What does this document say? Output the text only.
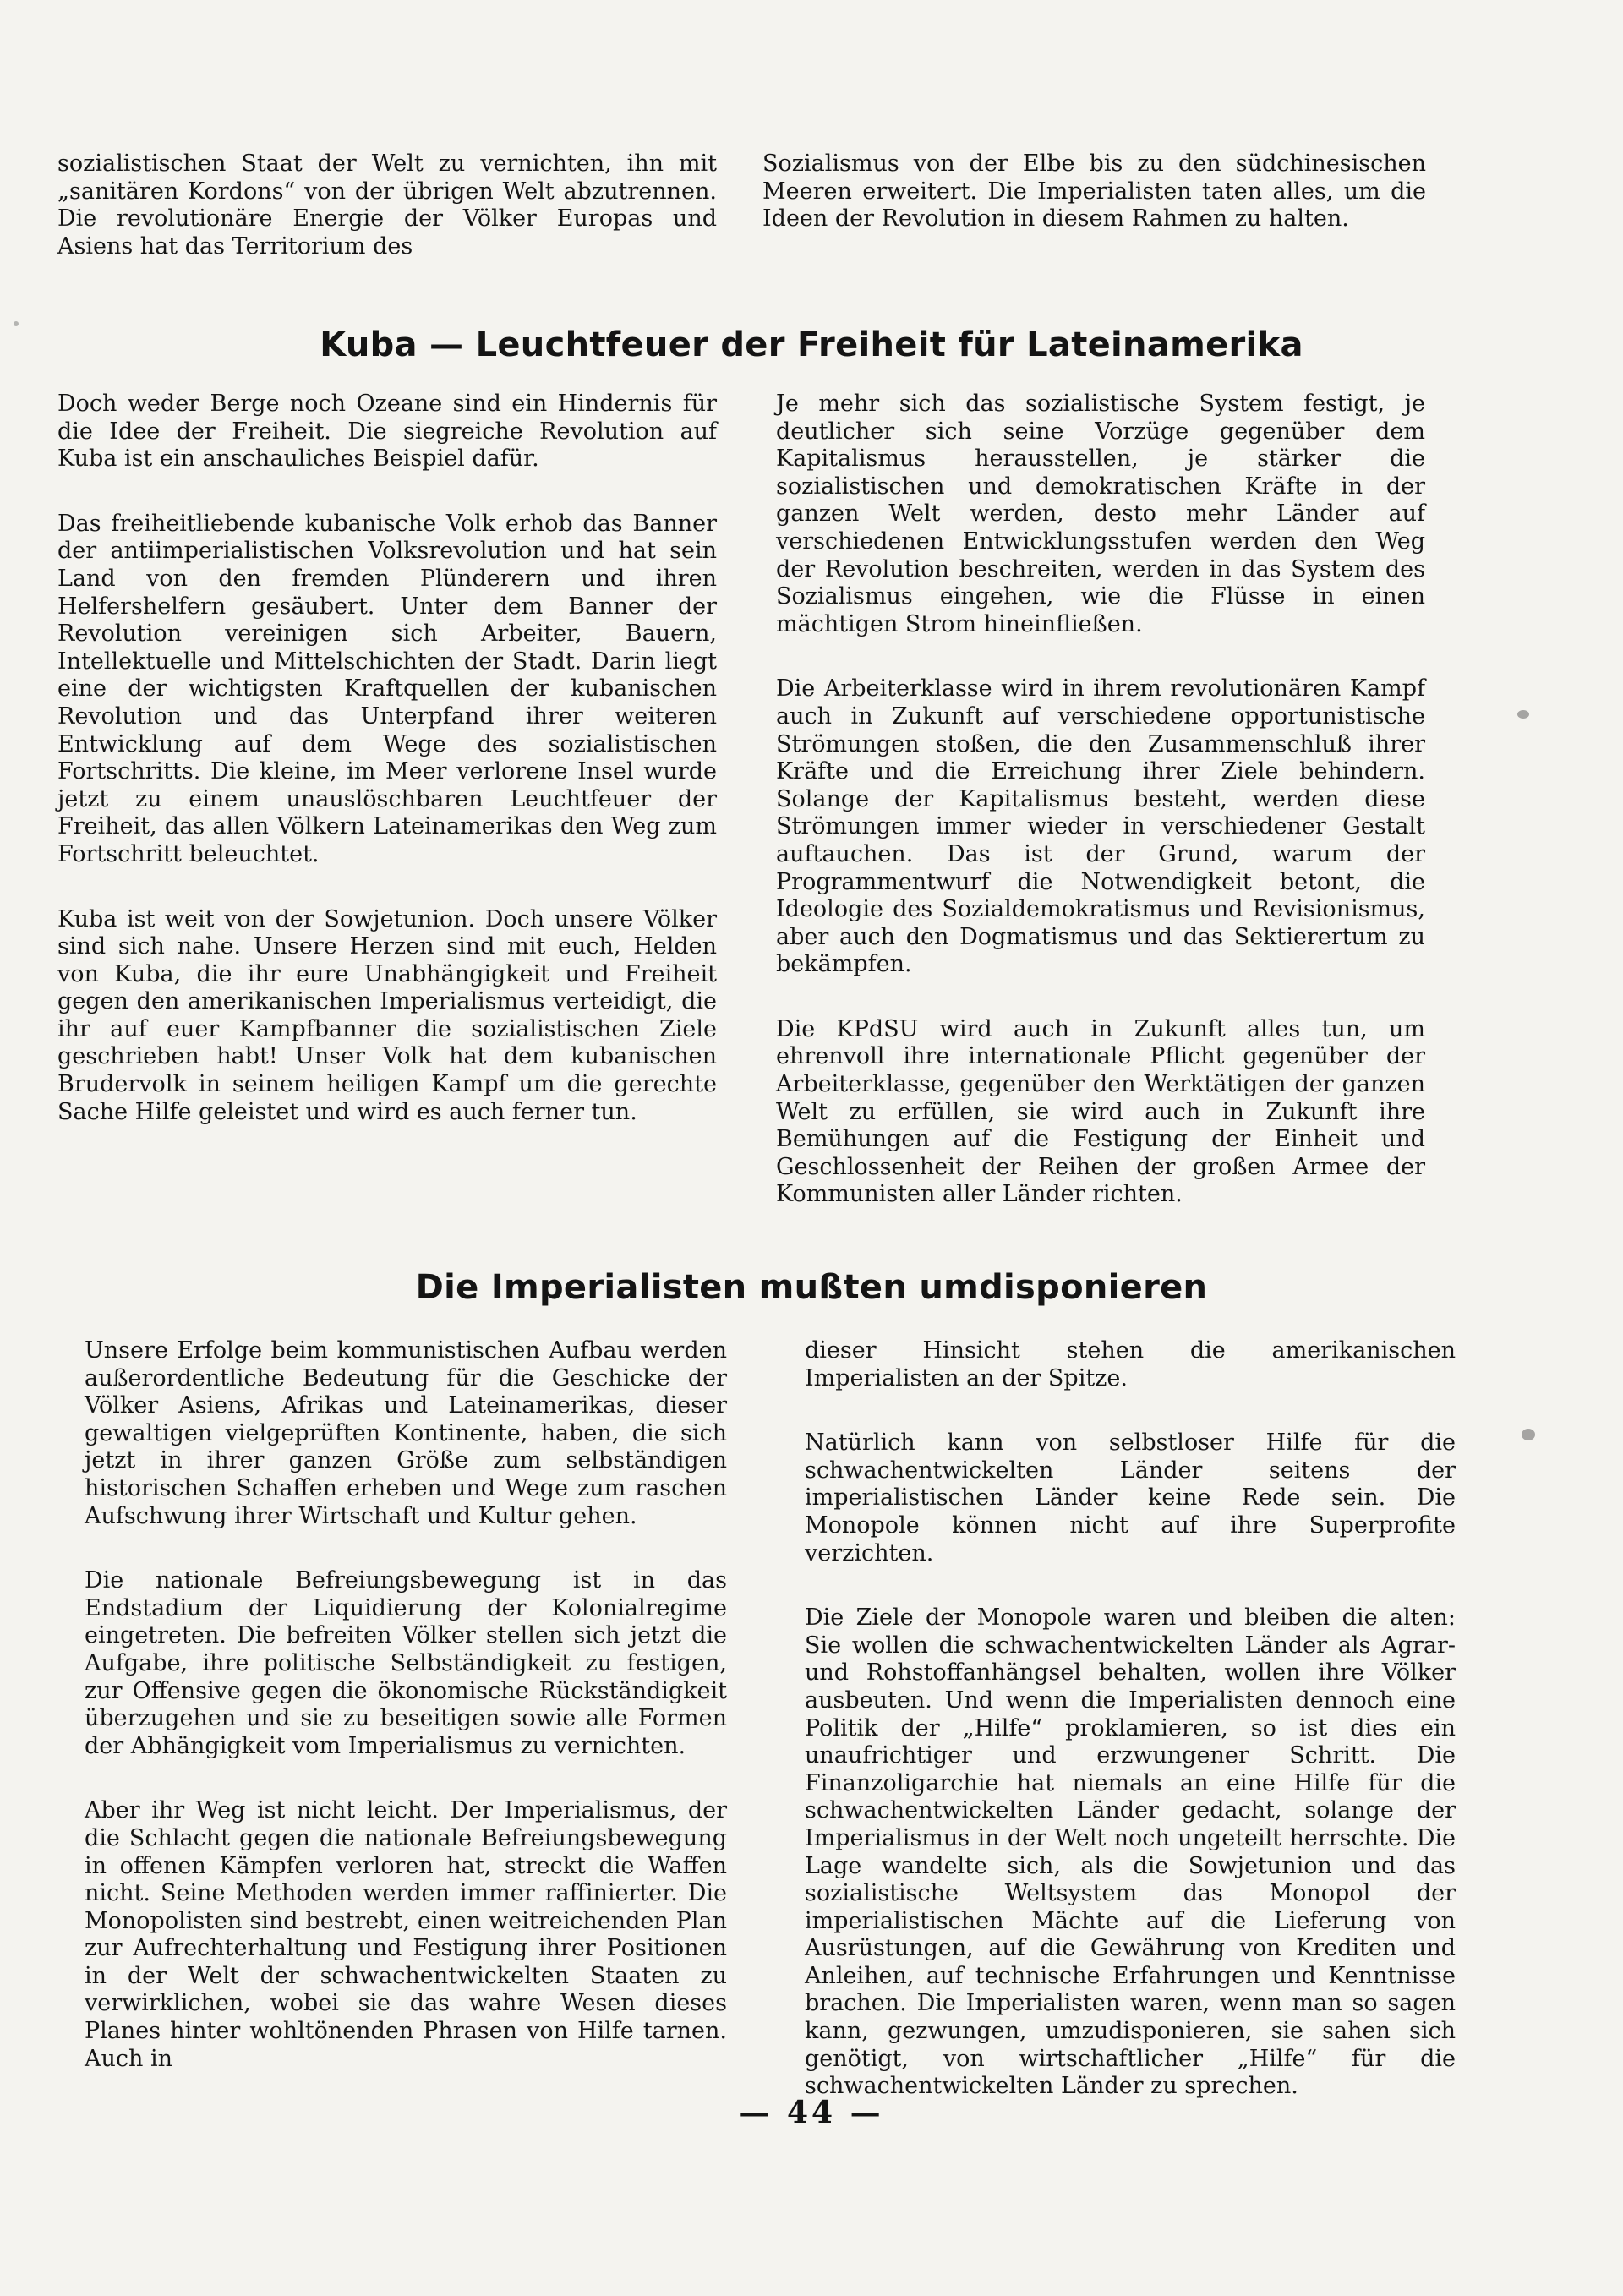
sozialistischen Staat der Welt zu vernichten, ihn mit „sanitären Kordons“ von der übrigen Welt abzutrennen. Die revolutionäre Energie der Völker Europas und Asiens hat das Territorium des

Sozialismus von der Elbe bis zu den südchinesischen Meeren erweitert. Die Imperialisten taten alles, um die Ideen der Revolution in diesem Rahmen zu halten.

Kuba — Leuchtfeuer der Freiheit für Lateinamerika

Doch weder Berge noch Ozeane sind ein Hindernis für die Idee der Freiheit. Die siegreiche Revolution auf Kuba ist ein anschauliches Beispiel dafür.

Das freiheitliebende kubanische Volk erhob das Banner der antiimperialistischen Volksrevolution und hat sein Land von den fremden Plünderern und ihren Helfershelfern gesäubert. Unter dem Banner der Revolution vereinigen sich Arbeiter, Bauern, Intellektuelle und Mittelschichten der Stadt. Darin liegt eine der wichtigsten Kraftquellen der kubanischen Revolution und das Unterpfand ihrer weiteren Entwicklung auf dem Wege des sozialistischen Fortschritts. Die kleine, im Meer verlorene Insel wurde jetzt zu einem unauslöschbaren Leuchtfeuer der Freiheit, das allen Völkern Lateinamerikas den Weg zum Fortschritt beleuchtet.

Kuba ist weit von der Sowjetunion. Doch unsere Völker sind sich nahe. Unsere Herzen sind mit euch, Helden von Kuba, die ihr eure Unabhängigkeit und Freiheit gegen den amerikanischen Imperialismus verteidigt, die ihr auf euer Kampfbanner die sozialistischen Ziele geschrieben habt! Unser Volk hat dem kubanischen Brudervolk in seinem heiligen Kampf um die gerechte Sache Hilfe geleistet und wird es auch ferner tun.

Je mehr sich das sozialistische System festigt, je deutlicher sich seine Vorzüge gegenüber dem Kapitalismus herausstellen, je stärker die sozialistischen und demokratischen Kräfte in der ganzen Welt werden, desto mehr Länder auf verschiedenen Entwicklungsstufen werden den Weg der Revolution beschreiten, werden in das System des Sozialismus eingehen, wie die Flüsse in einen mächtigen Strom hineinfließen.

Die Arbeiterklasse wird in ihrem revolutionären Kampf auch in Zukunft auf verschiedene opportunistische Strömungen stoßen, die den Zusammenschluß ihrer Kräfte und die Erreichung ihrer Ziele behindern. Solange der Kapitalismus besteht, werden diese Strömungen immer wieder in verschiedener Gestalt auftauchen. Das ist der Grund, warum der Programmentwurf die Notwendigkeit betont, die Ideologie des Sozialdemokratismus und Revisionismus, aber auch den Dogmatismus und das Sektierertum zu bekämpfen.

Die KPdSU wird auch in Zukunft alles tun, um ehrenvoll ihre internationale Pflicht gegenüber der Arbeiterklasse, gegenüber den Werktätigen der ganzen Welt zu erfüllen, sie wird auch in Zukunft ihre Bemühungen auf die Festigung der Einheit und Geschlossenheit der Reihen der großen Armee der Kommunisten aller Länder richten.

Die Imperialisten mußten umdisponieren

Unsere Erfolge beim kommunistischen Aufbau werden außerordentliche Bedeutung für die Geschicke der Völker Asiens, Afrikas und Lateinamerikas, dieser gewaltigen vielgeprüften Kontinente, haben, die sich jetzt in ihrer ganzen Größe zum selbständigen historischen Schaffen erheben und Wege zum raschen Aufschwung ihrer Wirtschaft und Kultur gehen.

Die nationale Befreiungsbewegung ist in das Endstadium der Liquidierung der Kolonialregime eingetreten. Die befreiten Völker stellen sich jetzt die Aufgabe, ihre politische Selbständigkeit zu festigen, zur Offensive gegen die ökonomische Rückständigkeit überzugehen und sie zu beseitigen sowie alle Formen der Abhängigkeit vom Imperialismus zu vernichten.

Aber ihr Weg ist nicht leicht. Der Imperialismus, der die Schlacht gegen die nationale Befreiungsbewegung in offenen Kämpfen verloren hat, streckt die Waffen nicht. Seine Methoden werden immer raffinierter. Die Monopolisten sind bestrebt, einen weitreichenden Plan zur Aufrechterhaltung und Festigung ihrer Positionen in der Welt der schwachentwickelten Staaten zu verwirklichen, wobei sie das wahre Wesen dieses Planes hinter wohltönenden Phrasen von Hilfe tarnen. Auch in

dieser Hinsicht stehen die amerikanischen Imperialisten an der Spitze.

Natürlich kann von selbstloser Hilfe für die schwachentwickelten Länder seitens der imperialistischen Länder keine Rede sein. Die Monopole können nicht auf ihre Superprofite verzichten.

Die Ziele der Monopole waren und bleiben die alten: Sie wollen die schwachentwickelten Länder als Agrar- und Rohstoffanhängsel behalten, wollen ihre Völker ausbeuten. Und wenn die Imperialisten dennoch eine Politik der „Hilfe“ proklamieren, so ist dies ein unaufrichtiger und erzwungener Schritt. Die Finanzoligarchie hat niemals an eine Hilfe für die schwachentwickelten Länder gedacht, solange der Imperialismus in der Welt noch ungeteilt herrschte. Die Lage wandelte sich, als die Sowjetunion und das sozialistische Weltsystem das Monopol der imperialistischen Mächte auf die Lieferung von Ausrüstungen, auf die Gewährung von Krediten und Anleihen, auf technische Erfahrungen und Kenntnisse brachen. Die Imperialisten waren, wenn man so sagen kann, gezwungen, umzudisponieren, sie sahen sich genötigt, von wirtschaftlicher „Hilfe“ für die schwachentwickelten Länder zu sprechen.

— 44 —
